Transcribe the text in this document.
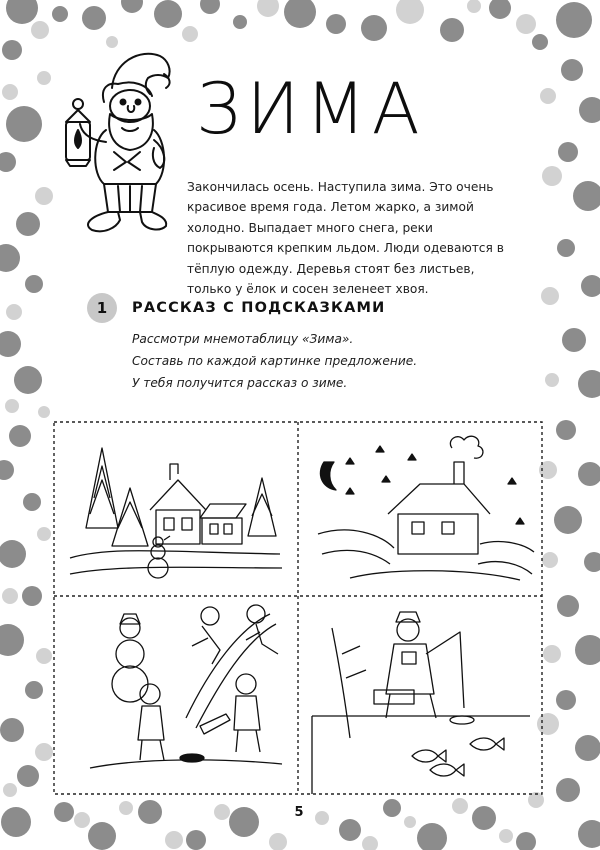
ЗИМА
Закончилась осень. Наступила зима. Это очень красивое время года. Летом жарко, а зимой холодно. Выпадает много снега, реки покрываются крепким льдом. Люди одеваются в тёплую одежду. Деревья стоят без листьев, только у ёлок и сосен зеленеет хвоя.
1	РАССКАЗ С ПОДСКАЗКАМИ
Рассмотри мнемотаблицу «Зима».
Составь по каждой картинке предложение.
У тебя получится рассказ о зиме.
5
